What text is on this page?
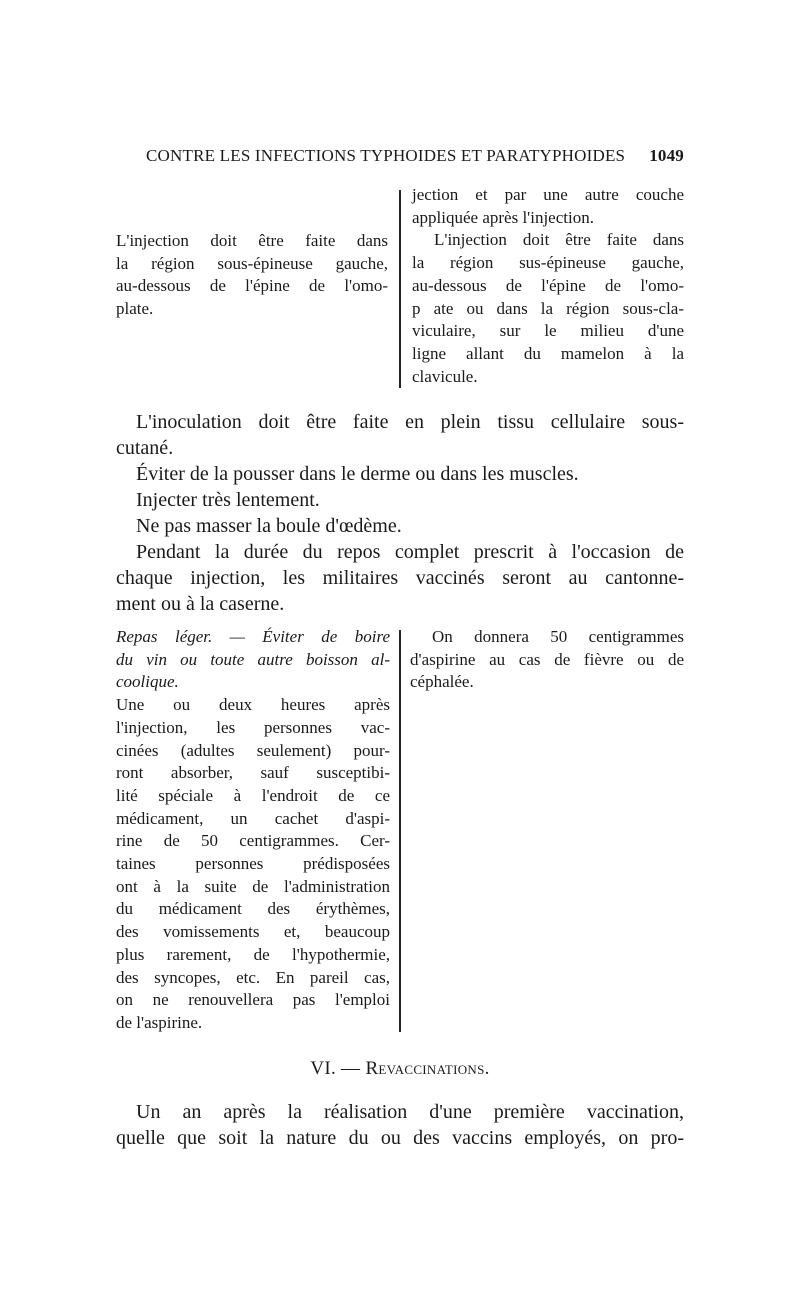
CONTRE LES INFECTIONS TYPHOIDES ET PARATYPHOIDES 1049

L'injection doit être faite dans

la région sous-épineuse gauche,

au-dessous de l'épine de l'omo-

plate.

jection et par une autre couche

appliquée après l'injection.

L'injection doit être faite dans

la région sus-épineuse gauche,

au-dessous de l'épine de l'omo-

p ate ou dans la région sous-cla-

viculaire, sur le milieu d'une

ligne allant du mamelon à la

clavicule.

L'inoculation doit être faite en plein tissu cellulaire sous-

cutané.

Éviter de la pousser dans le derme ou dans les muscles.

Injecter très lentement.

Ne pas masser la boule d'œdème.

Pendant la durée du repos complet prescrit à l'occasion de

chaque injection, les militaires vaccinés seront au cantonne-

ment ou à la caserne.

Repas léger. — Éviter de boire

du vin ou toute autre boisson al-

coolique.

Une ou deux heures après

l'injection, les personnes vac-

cinées (adultes seulement) pour-

ront absorber, sauf susceptibi-

lité spéciale à l'endroit de ce

médicament, un cachet d'aspi-

rine de 50 centigrammes. Cer-

taines personnes prédisposées

ont à la suite de l'administration

du médicament des érythèmes,

des vomissements et, beaucoup

plus rarement, de l'hypothermie,

des syncopes, etc. En pareil cas,

on ne renouvellera pas l'emploi

de l'aspirine.

On donnera 50 centigrammes

d'aspirine au cas de fièvre ou de

céphalée.

VI. — Revaccinations.

Un an après la réalisation d'une première vaccination,

quelle que soit la nature du ou des vaccins employés, on pro-
